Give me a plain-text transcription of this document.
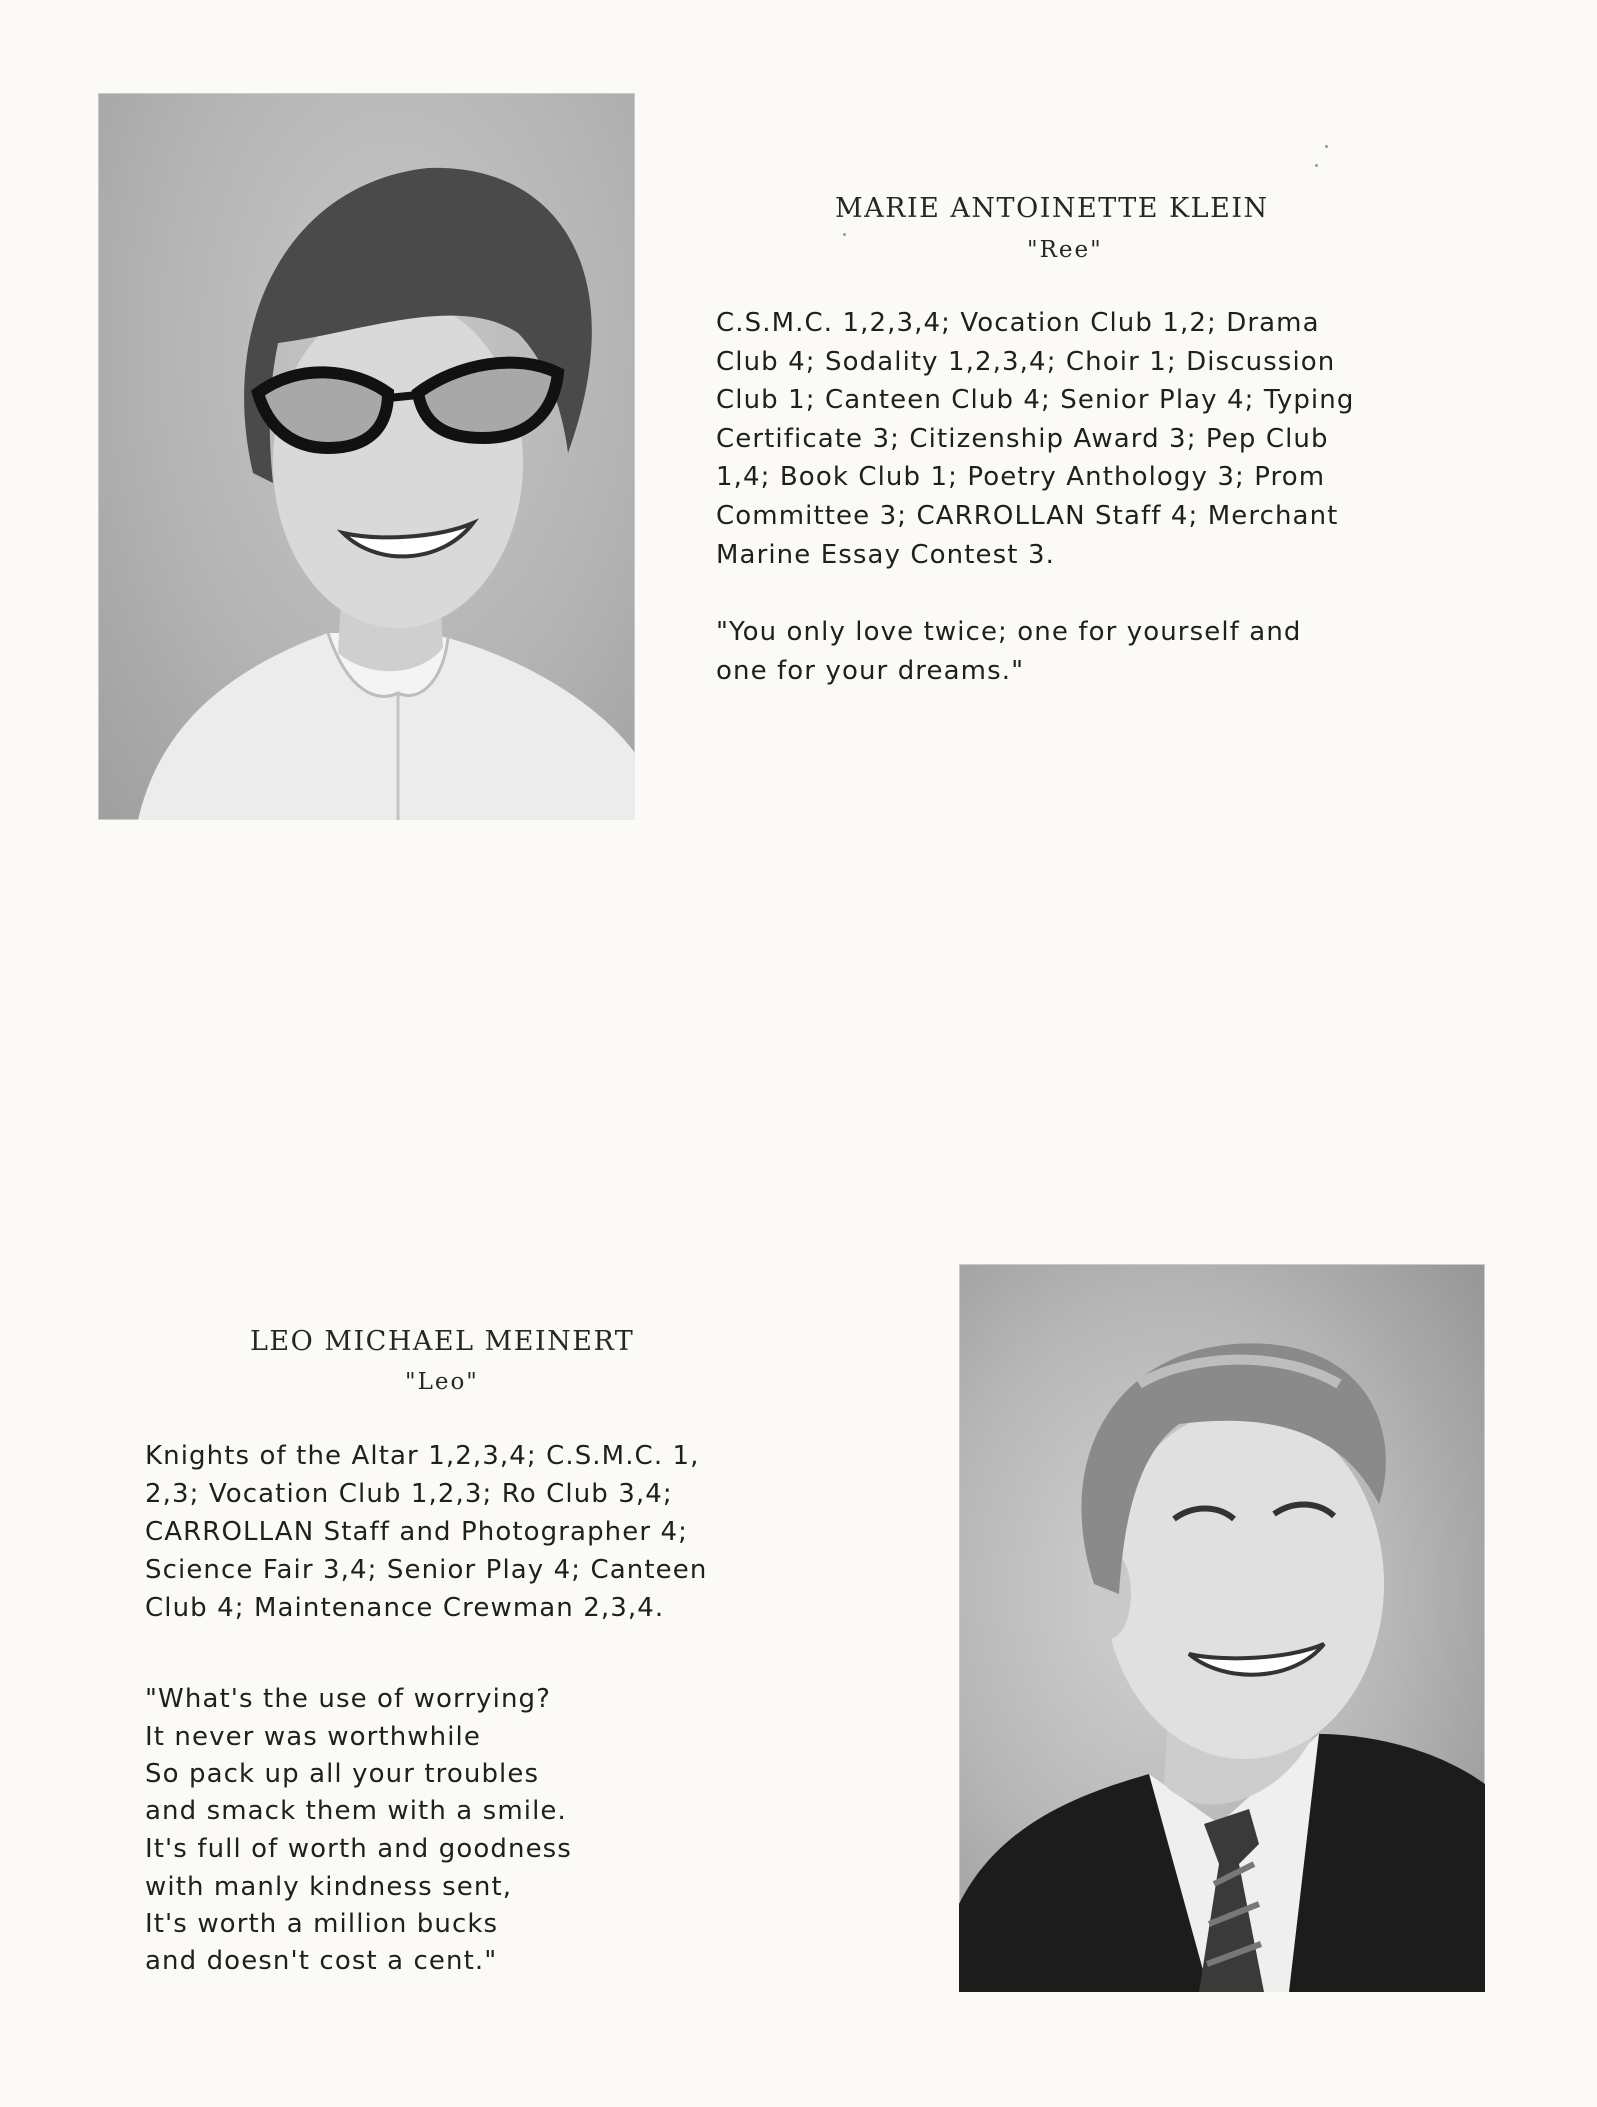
MARIE ANTOINETTE KLEIN

"Ree"

C.S.M.C. 1,2,3,4; Vocation Club 1,2; Drama

Club 4; Sodality 1,2,3,4; Choir 1; Discussion

Club 1; Canteen Club 4; Senior Play 4; Typing

Certificate 3; Citizenship Award 3; Pep Club

1,4; Book Club 1; Poetry Anthology 3; Prom

Committee 3; CARROLLAN Staff 4; Merchant

Marine Essay Contest 3.

"You only love twice; one for yourself and

one for your dreams."

LEO MICHAEL MEINERT

"Leo"

Knights of the Altar 1,2,3,4; C.S.M.C. 1,

2,3; Vocation Club 1,2,3; Ro Club 3,4;

CARROLLAN Staff and Photographer 4;

Science Fair 3,4; Senior Play 4; Canteen

Club 4; Maintenance Crewman 2,3,4.

"What's the use of worrying?

It never was worthwhile

So pack up all your troubles

and smack them with a smile.

It's full of worth and goodness

with manly kindness sent,

It's worth a million bucks

and doesn't cost a cent."
